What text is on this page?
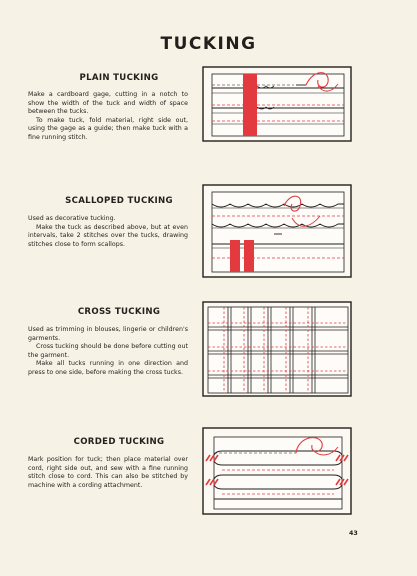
TUCKING
PLAIN TUCKING

Make a cardboard gage, cutting in a notch to show the width of the tuck and width of space between the tucks.

To make tuck, fold material, right side out, using the gage as a guide; then make tuck with a fine running stitch.

SCALLOPED TUCKING

Used as decorative tucking.

Make the tuck as described above, but at even intervals, take 2 stitches over the tucks, drawing stitches close to form scallops.

CROSS TUCKING

Used as trimming in blouses, lingerie or children's garments.

Cross tucking should be done before cutting out the garment.

Make all tucks running in one direction and press to one side, before making the cross tucks.

CORDED TUCKING

Mark position for tuck; then place material over cord, right side out, and sew with a fine running stitch close to cord. This can also be stitched by machine with a cording attachment.

43
